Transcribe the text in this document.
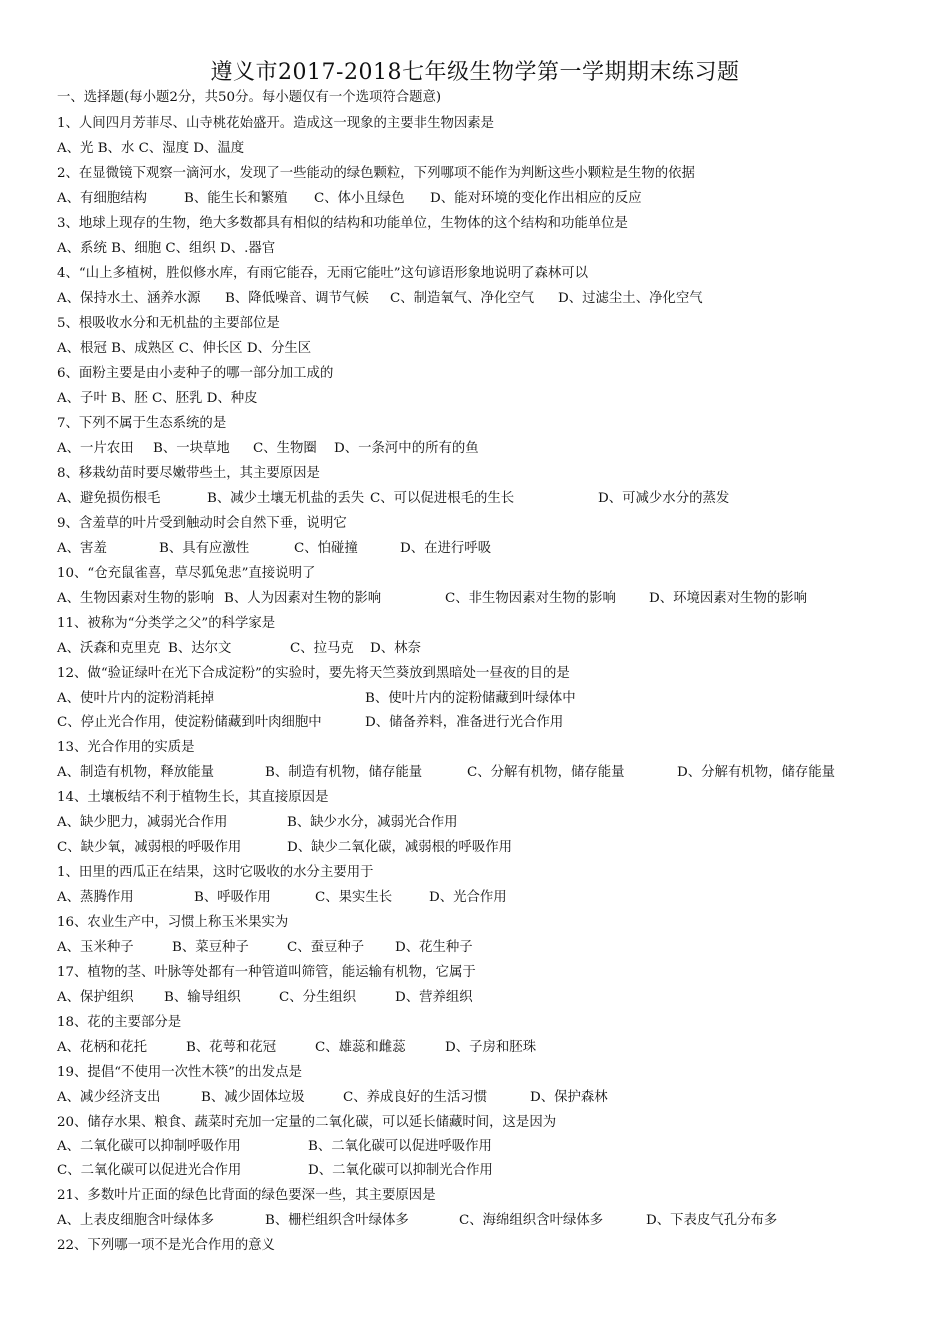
遵义市2017-2018七年级生物学第一学期期末练习题
一、选择题(每小题2分，共50分。每小题仅有一个选项符合题意)
1、人间四月芳菲尽、山寺桃花始盛开。造成这一现象的主要非生物因素是
A、光 B、水 C、湿度 D、温度
2、在显微镜下观察一滴河水，发现了一些能动的绿色颗粒，下列哪项不能作为判断这些小颗粒是生物的依据
A、有细胞结构	B、能生长和繁殖 C、体小且绿色 D、能对环境的变化作出相应的反应
3、地球上现存的生物，绝大多数都具有相似的结构和功能单位，生物体的这个结构和功能单位是
A、系统 B、细胞 C、组织 D、.器官
4、“山上多植树，胜似修水库，有雨它能吞，无雨它能吐”这句谚语形象地说明了森林可以
A、保持水土、涵养水源 B、降低噪音、调节气候 C、制造氧气、净化空气 D、过滤尘土、净化空气
5、根吸收水分和无机盐的主要部位是
A、根冠 B、成熟区 C、伸长区 D、分生区
6、面粉主要是由小麦种子的哪一部分加工成的
A、子叶 B、胚 C、胚乳 D、种皮
7、下列不属于生态系统的是
A、一片农田 B、一块草地 C、生物圈 D、一条河中的所有的鱼
8、移栽幼苗时要尽嫩带些土，其主要原因是
A、避免损伤根毛	B、减少土壤无机盐的丢失 C、可以促进根毛的生长	D、可减少水分的蒸发
9、含羞草的叶片受到触动时会自然下垂，说明它
A、害羞	B、具有应激性	C、怕碰撞	D、在进行呼吸
10、“仓充鼠雀喜，草尽狐兔悲”直接说明了
A、生物因素对生物的影响 B、人为因素对生物的影响	C、非生物因素对生物的影响 D、环境因素对生物的影响
11、被称为“分类学之父”的科学家是
A、沃森和克里克 B、达尔文	C、拉马克 D、林奈
12、做“验证绿叶在光下合成淀粉”的实验时，要先将天竺葵放到黑暗处一昼夜的目的是
A、使叶片内的淀粉消耗掉	B、使叶片内的淀粉储藏到叶绿体中
C、停止光合作用，使淀粉储藏到叶肉细胞中	D、储备养料，准备进行光合作用
13、光合作用的实质是
A、制造有机物，释放能量	B、制造有机物，储存能量	C、分解有机物，储存能量	D、分解有机物，储存能量
14、土壤板结不利于植物生长，其直接原因是
A、缺少肥力，减弱光合作用	B、缺少水分，减弱光合作用
C、缺少氧，减弱根的呼吸作用	D、缺少二氧化碳，减弱根的呼吸作用
1、田里的西瓜正在结果，这时它吸收的水分主要用于
A、蒸腾作用	B、呼吸作用	C、果实生长	D、光合作用
16、农业生产中，习惯上称玉米果实为
A、玉米种子	B、菜豆种子	C、蚕豆种子 D、花生种子
17、植物的茎、叶脉等处都有一种管道叫筛管，能运输有机物，它属于
A、保护组织 B、输导组织	C、分生组织	D、营养组织
18、花的主要部分是
A、花柄和花托	B、花萼和花冠	C、雄蕊和雌蕊	D、子房和胚珠
19、提倡“不使用一次性木筷”的出发点是
A、减少经济支出	B、减少固体垃圾	C、养成良好的生活习惯	D、保护森林
20、储存水果、粮食、蔬菜时充加一定量的二氧化碳，可以延长储藏时间，这是因为
A、二氧化碳可以抑制呼吸作用	B、二氧化碳可以促进呼吸作用
C、二氧化碳可以促进光合作用	D、二氧化碳可以抑制光合作用
21、多数叶片正面的绿色比背面的绿色要深一些，其主要原因是
A、上表皮细胞含叶绿体多	B、栅栏组织含叶绿体多	C、海绵组织含叶绿体多	D、下表皮气孔分布多
22、下列哪一项不是光合作用的意义
